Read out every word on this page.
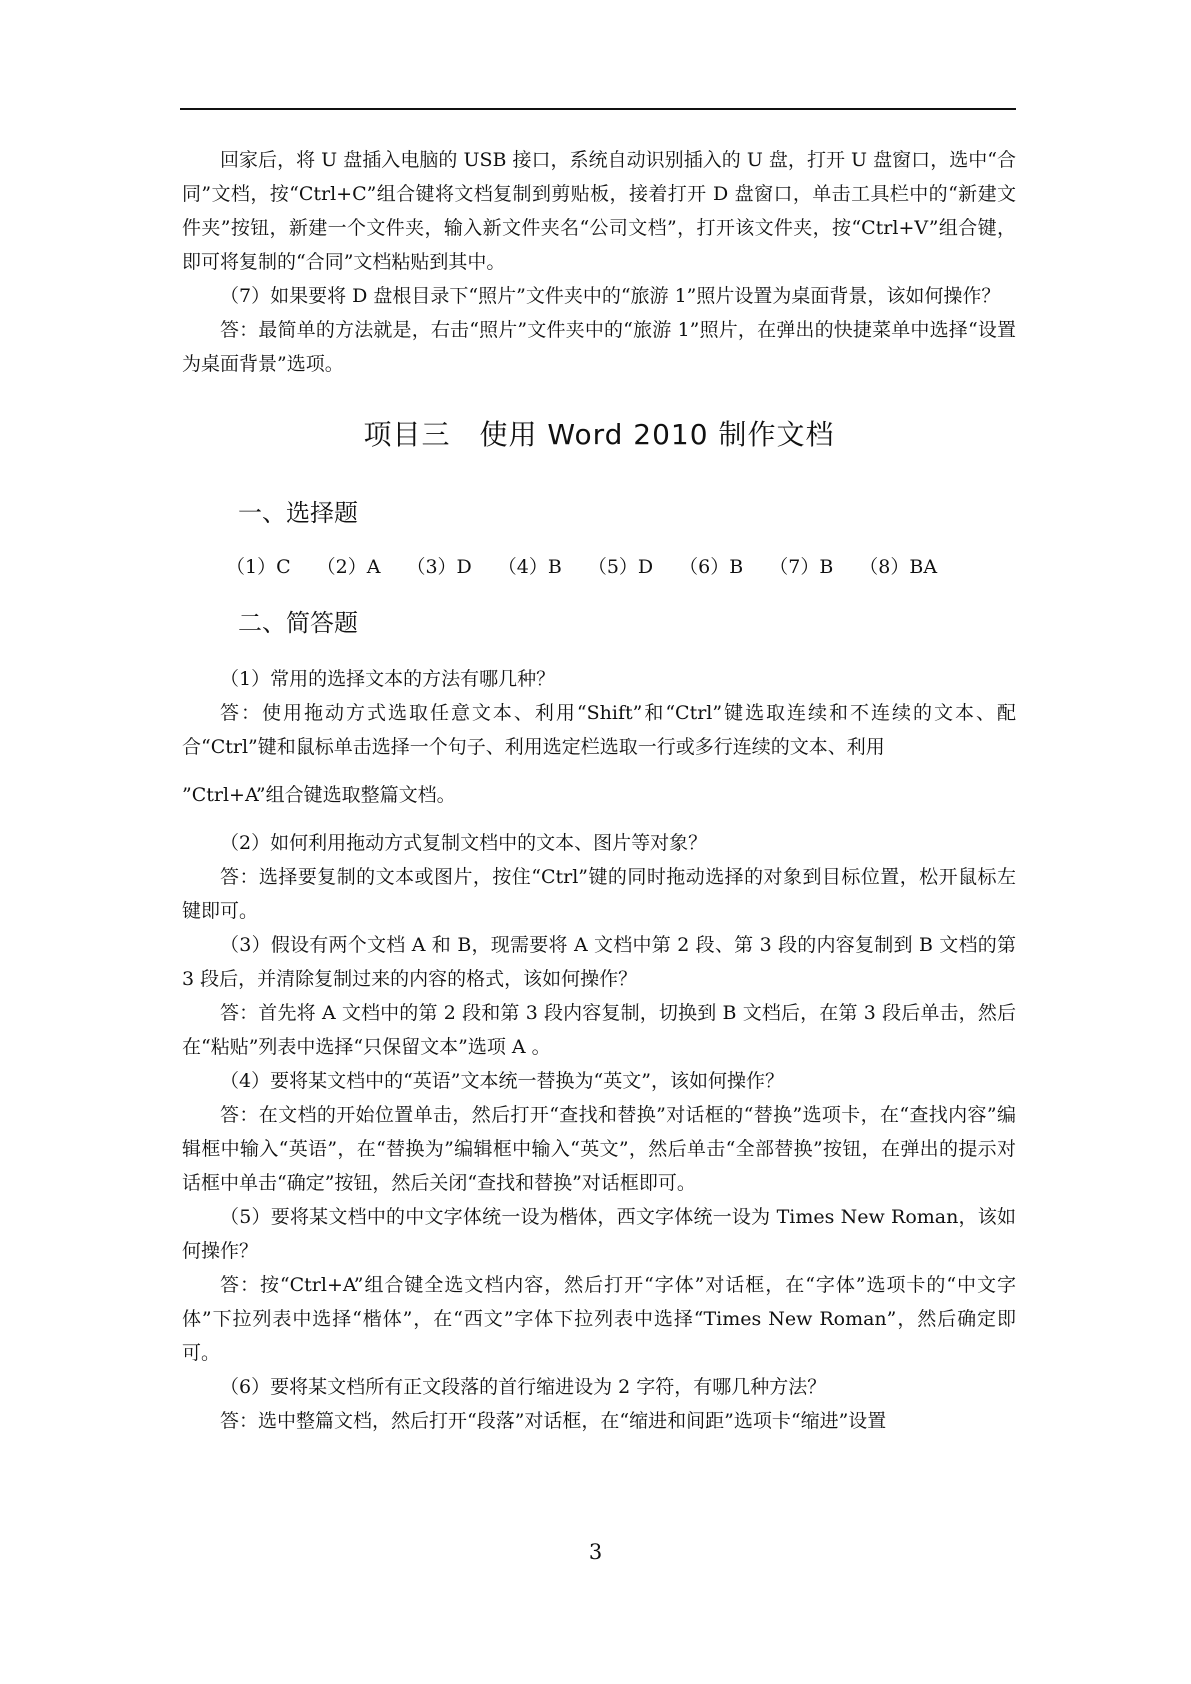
回家后，将 U 盘插入电脑的 USB 接口，系统自动识别插入的 U 盘，打开 U 盘窗口，选中“合同”文档，按“Ctrl+C”组合键将文档复制到剪贴板，接着打开 D 盘窗口，单击工具栏中的“新建文件夹”按钮，新建一个文件夹，输入新文件夹名“公司文档”，打开该文件夹，按“Ctrl+V”组合键，即可将复制的“合同”文档粘贴到其中。

（7）如果要将 D 盘根目录下“照片”文件夹中的“旅游 1”照片设置为桌面背景，该如何操作？

答：最简单的方法就是，右击“照片”文件夹中的“旅游 1”照片，在弹出的快捷菜单中选择“设置为桌面背景”选项。

项目三　使用 Word 2010 制作文档
一、选择题
（1）C （2）A （3）D （4）B （5）D （6）B （7）B （8）BA
二、简答题

（1）常用的选择文本的方法有哪几种？

答：使用拖动方式选取任意文本、利用“Shift”和“Ctrl”键选取连续和不连续的文本、配合“Ctrl”键和鼠标单击选择一个句子、利用选定栏选取一行或多行连续的文本、利用

”Ctrl+A”组合键选取整篇文档。

（2）如何利用拖动方式复制文档中的文本、图片等对象？

答：选择要复制的文本或图片，按住“Ctrl”键的同时拖动选择的对象到目标位置，松开鼠标左键即可。

（3）假设有两个文档 A 和 B，现需要将 A 文档中第 2 段、第 3 段的内容复制到 B 文档的第 3 段后，并清除复制过来的内容的格式，该如何操作？

答：首先将 A 文档中的第 2 段和第 3 段内容复制，切换到 B 文档后，在第 3 段后单击，然后在“粘贴”列表中选择“只保留文本”选项 A 。

（4）要将某文档中的“英语”文本统一替换为“英文”，该如何操作？

答：在文档的开始位置单击，然后打开“查找和替换”对话框的“替换”选项卡，在“查找内容”编辑框中输入“英语”，在“替换为”编辑框中输入“英文”，然后单击“全部替换”按钮，在弹出的提示对话框中单击“确定”按钮，然后关闭“查找和替换”对话框即可。

（5）要将某文档中的中文字体统一设为楷体，西文字体统一设为 Times New Roman，该如何操作？

答：按“Ctrl+A”组合键全选文档内容，然后打开“字体”对话框，在“字体”选项卡的“中文字体”下拉列表中选择“楷体”，在“西文”字体下拉列表中选择“Times New Roman”，然后确定即可。

（6）要将某文档所有正文段落的首行缩进设为 2 字符，有哪几种方法？

答：选中整篇文档，然后打开“段落”对话框，在“缩进和间距”选项卡“缩进”设置

3
